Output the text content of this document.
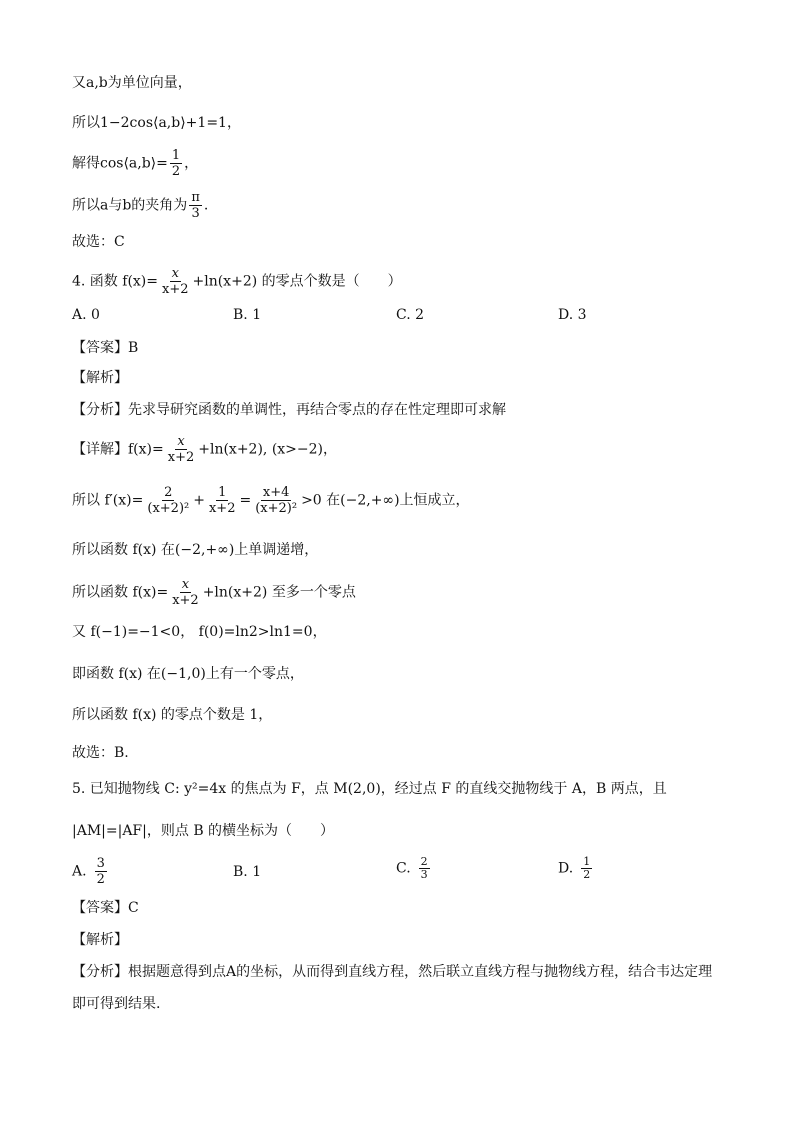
又a,b为单位向量，
所以1−2cos⟨a,b⟩+1=1，
解得cos⟨a,b⟩= $\frac{1}{2}$ ，
所以a与b的夹角为 $\frac{\pi}{3}$ .
故选：C
4. 函数 $f(x)= \frac{x}{x+2} +\ln(x+2)$ 的零点个数是（　　）
A. 0	B. 1	C. 2	D. 3
【答案】B
【解析】
【分析】先求导研究函数的单调性，再结合零点的存在性定理即可求解
【详解】$f(x)= \frac{x}{x+2} +\ln(x+2)$, (x>−2)，
所以 $f'(x)= \frac{2}{\text{(x+2)²}} + \frac{1}{x+2} = \frac{x+4}{\text{(x+2)²}} >0$ 在(−2,+∞)上恒成立，
所以函数 f(x) 在(−2,+∞)上单调递增，
所以函数 $f(x)= \frac{x}{x+2} +\ln(x+2)$ 至多一个零点
又 f(−1)=−1<0， f(0)=ln2>ln1=0，
即函数 f(x) 在(−1,0)上有一个零点，
所以函数 f(x) 的零点个数是 1，
故选：B.
5. 已知抛物线 C: y²=4x 的焦点为 F，点 M(2,0)，经过点 F 的直线交抛物线于 A，B 两点，且
|AM|=|AF|，则点 B 的横坐标为（　　）
A. $\frac{3}{2}$	B. 1	C. $\frac{2}{3}$	D. $\frac{1}{2}$
【答案】C
【解析】
【分析】根据题意得到点A的坐标，从而得到直线方程，然后联立直线方程与抛物线方程，结合韦达定理
即可得到结果.
